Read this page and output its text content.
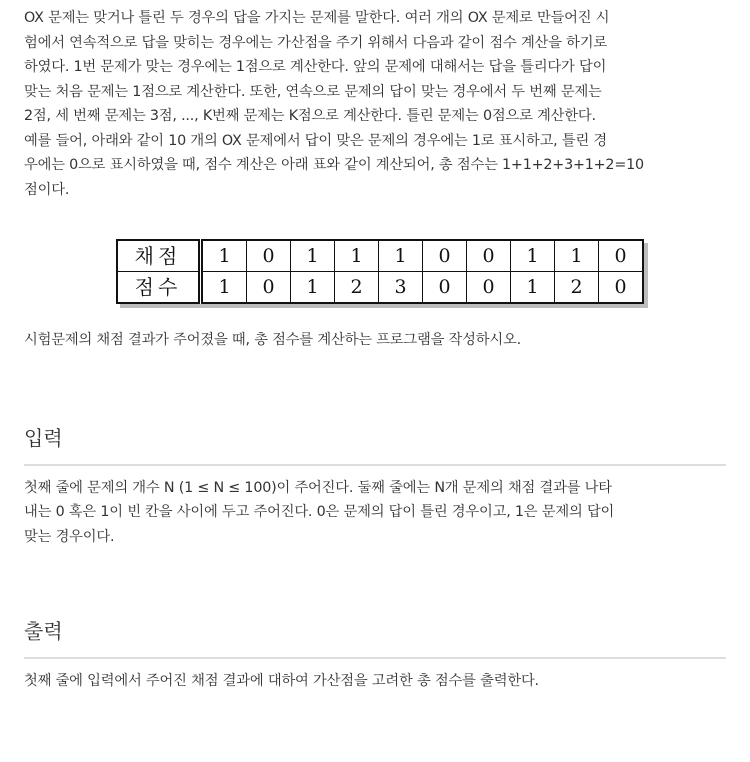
OX 문제는 맞거나 틀린 두 경우의 답을 가지는 문제를 말한다. 여러 개의 OX 문제로 만들어진 시
험에서 연속적으로 답을 맞히는 경우에는 가산점을 주기 위해서 다음과 같이 점수 계산을 하기로
하였다. 1번 문제가 맞는 경우에는 1점으로 계산한다. 앞의 문제에 대해서는 답을 틀리다가 답이
맞는 처음 문제는 1점으로 계산한다. 또한, 연속으로 문제의 답이 맞는 경우에서 두 번째 문제는
2점, 세 번째 문제는 3점, ..., K번째 문제는 K점으로 계산한다. 틀린 문제는 0점으로 계산한다.
예를 들어, 아래와 같이 10 개의 OX 문제에서 답이 맞은 문제의 경우에는 1로 표시하고, 틀린 경
우에는 0으로 표시하였을 때, 점수 계산은 아래 표와 같이 계산되어, 총 점수는 1+1+2+3+1+2=10
점이다.

채점	1	0	1	1	1	0	0	1	1	0
점수	1	0	1	2	3	0	0	1	2	0

시험문제의 채점 결과가 주어졌을 때, 총 점수를 계산하는 프로그램을 작성하시오.

입력

첫째 줄에 문제의 개수 N (1 ≤ N ≤ 100)이 주어진다. 둘째 줄에는 N개 문제의 채점 결과를 나타
내는 0 혹은 1이 빈 칸을 사이에 두고 주어진다. 0은 문제의 답이 틀린 경우이고, 1은 문제의 답이
맞는 경우이다.

출력

첫째 줄에 입력에서 주어진 채점 결과에 대하여 가산점을 고려한 총 점수를 출력한다.
